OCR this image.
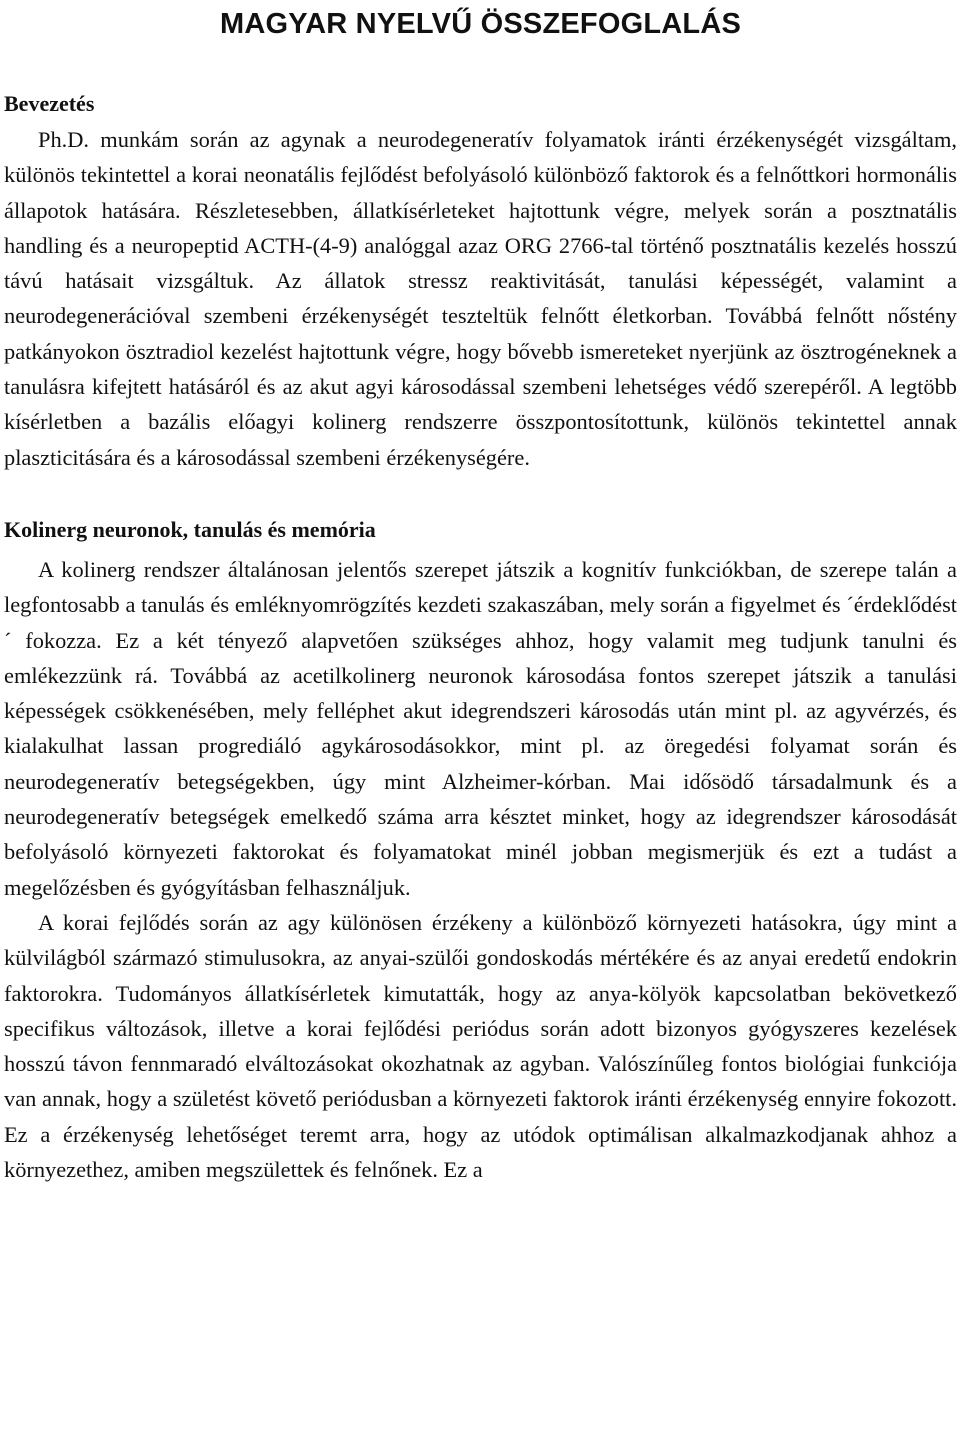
MAGYAR NYELVŰ ÖSSZEFOGLALÁS
Bevezetés

Ph.D. munkám során az agynak a neurodegeneratív folyamatok iránti érzékenységét vizsgáltam, különös tekintettel a korai neonatális fejlődést befolyásoló különböző faktorok és a felnőttkori hormonális állapotok hatására. Részletesebben, állatkísérleteket hajtottunk végre, melyek során a posztnatális handling és a neuropeptid ACTH-(4-9) analóggal azaz ORG 2766-tal történő posztnatális kezelés hosszú távú hatásait vizsgáltuk. Az állatok stressz reaktivitását, tanulási képességét, valamint a neurodegenerációval szembeni érzékenységét teszteltük felnőtt életkorban. Továbbá felnőtt nőstény patkányokon ösztradiol kezelést hajtottunk végre, hogy bővebb ismereteket nyerjünk az ösztrogéneknek a tanulásra kifejtett hatásáról és az akut agyi károsodással szembeni lehetséges védő szerepéről. A legtöbb kísérletben a bazális előagyi kolinerg rendszerre összpontosítottunk, különös tekintettel annak plaszticitására és a károsodással szembeni érzékenységére.

Kolinerg neuronok, tanulás és memória

A kolinerg rendszer általánosan jelentős szerepet játszik a kognitív funkciókban, de szerepe talán a legfontosabb a tanulás és emléknyomrögzítés kezdeti szakaszában, mely során a figyelmet és ´érdeklődést´ fokozza. Ez a két tényező alapvetően szükséges ahhoz, hogy valamit meg tudjunk tanulni és emlékezzünk rá. Továbbá az acetilkolinerg neuronok károsodása fontos szerepet játszik a tanulási képességek csökkenésében, mely felléphet akut idegrendszeri károsodás után mint pl. az agyvérzés, és kialakulhat lassan progrediáló agykárosodásokkor, mint pl. az öregedési folyamat során és neurodegeneratív betegségekben, úgy mint Alzheimer-kórban. Mai idősödő társadalmunk és a neurodegeneratív betegségek emelkedő száma arra késztet minket, hogy az idegrendszer károsodását befolyásoló környezeti faktorokat és folyamatokat minél jobban megismerjük és ezt a tudást a megelőzésben és gyógyításban felhasználjuk.

A korai fejlődés során az agy különösen érzékeny a különböző környezeti hatásokra, úgy mint a külvilágból származó stimulusokra, az anyai-szülői gondoskodás mértékére és az anyai eredetű endokrin faktorokra. Tudományos állatkísérletek kimutatták, hogy az anya-kölyök kapcsolatban bekövetkező specifikus változások, illetve a korai fejlődési periódus során adott bizonyos gyógyszeres kezelések hosszú távon fennmaradó elváltozásokat okozhatnak az agyban. Valószínűleg fontos biológiai funkciója van annak, hogy a születést követő periódusban a környezeti faktorok iránti érzékenység ennyire fokozott. Ez a érzékenység lehetőséget teremt arra, hogy az utódok optimálisan alkalmazkodjanak ahhoz a környezethez, amiben megszülettek és felnőnek. Ez a
